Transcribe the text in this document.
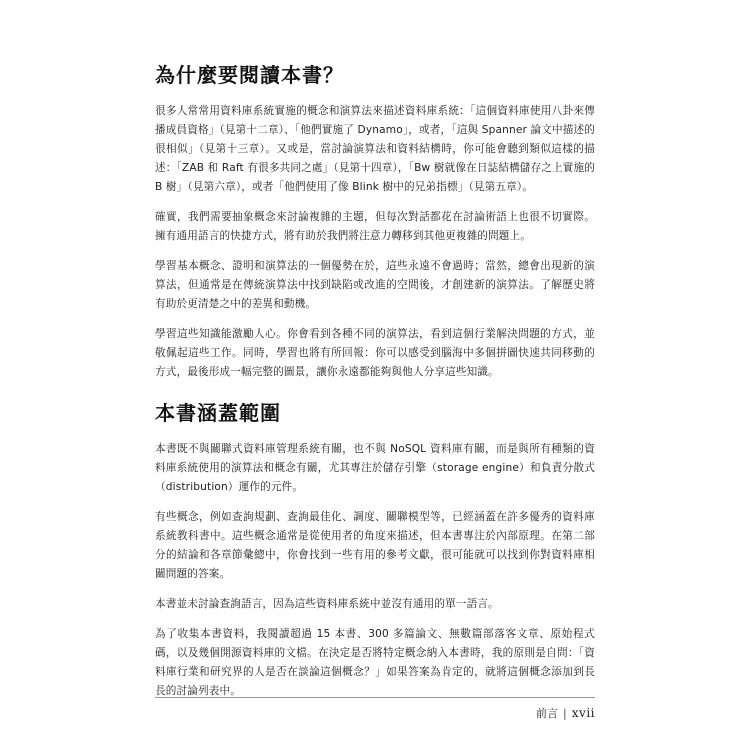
為什麼要閱讀本書？

很多人常常用資料庫系統實施的概念和演算法來描述資料庫系統：「這個資料庫使用八卦來傳播成員資格」（見第十二章）、「他們實施了 Dynamo」，或者，「這與 Spanner 論文中描述的很相似」（見第十三章）。又或是，當討論演算法和資料結構時，你可能會聽到類似這樣的描述：「ZAB 和 Raft 有很多共同之處」（見第十四章），「Bw 樹就像在日誌結構儲存之上實施的 B 樹」（見第六章），或者「他們使用了像 Blink 樹中的兄弟指標」（見第五章）。

確實，我們需要抽象概念來討論複雜的主題，但每次對話都花在討論術語上也很不切實際。擁有通用語言的快捷方式，將有助於我們將注意力轉移到其他更複雜的問題上。

學習基本概念、證明和演算法的一個優勢在於，這些永遠不會過時；當然，總會出現新的演算法，但通常是在傳統演算法中找到缺陷或改進的空間後，才創建新的演算法。了解歷史將有助於更清楚之中的差異和動機。

學習這些知識能激勵人心。你會看到各種不同的演算法，看到這個行業解決問題的方式，並敬佩起這些工作。同時，學習也將有所回報：你可以感受到腦海中多個拼圖快速共同移動的方式，最後形成一幅完整的圖景，讓你永遠都能夠與他人分享這些知識。

本書涵蓋範圍

本書既不與關聯式資料庫管理系統有關，也不與 NoSQL 資料庫有關，而是與所有種類的資料庫系統使用的演算法和概念有關，尤其專注於儲存引擎（storage engine）和負責分散式（distribution）運作的元件。

有些概念，例如查詢規劃、查詢最佳化、調度、關聯模型等，已經涵蓋在許多優秀的資料庫系統教科書中。這些概念通常是從使用者的角度來描述，但本書專注於內部原理。在第二部分的結論和各章節彙總中，你會找到一些有用的參考文獻，很可能就可以找到你對資料庫相關問題的答案。

本書並未討論查詢語言，因為這些資料庫系統中並沒有通用的單一語言。

為了收集本書資料，我閱讀超過 15 本書、300 多篇論文、無數篇部落客文章、原始程式碼，以及幾個開源資料庫的文檔。在決定是否將特定概念納入本書時，我的原則是自問：「資料庫行業和研究界的人是否在談論這個概念？」如果答案為肯定的，就將這個概念添加到長長的討論列表中。

前言 | xvii
